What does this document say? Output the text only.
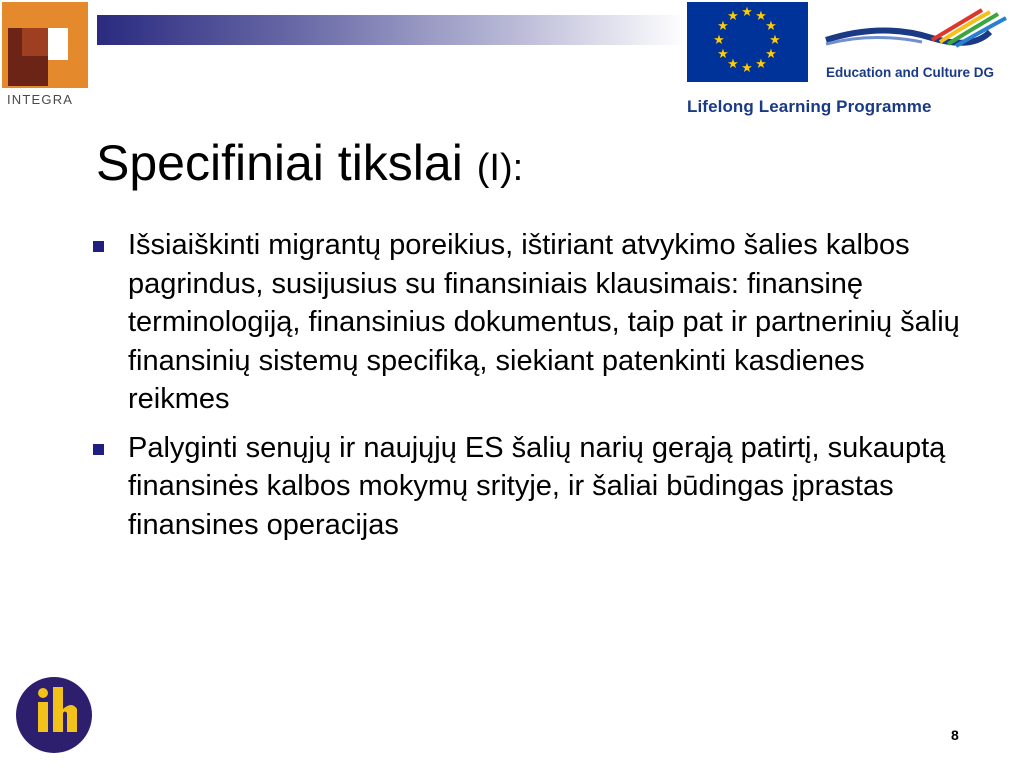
INTEGRA
★ ★
★
★
★
★
★
★
★
★
★
★
Education and Culture DG
Lifelong Learning Programme
Specifiniai tikslai (I):
Išsiaiškinti migrantų poreikius, ištiriant atvykimo šalies kalbos pagrindus, susijusius su finansiniais klausimais: finansinę terminologiją, finansinius dokumentus, taip pat ir partnerinių šalių finansinių sistemų specifiką, siekiant patenkinti kasdienes reikmes
Palyginti senųjų ir naujųjų ES šalių narių gerąją patirtį, sukauptą finansinės kalbos mokymų srityje, ir šaliai būdingas įprastas finansines operacijas
8
